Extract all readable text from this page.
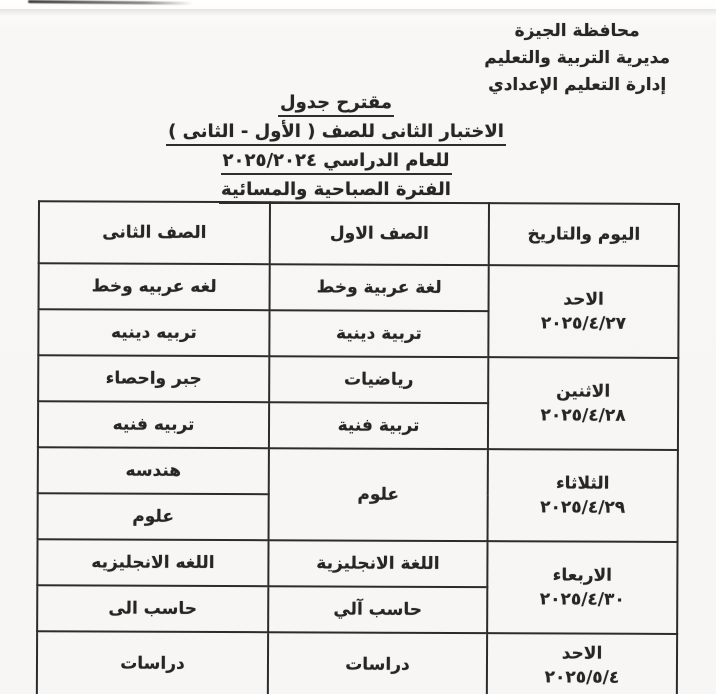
محافظة الجيزة
مديرية التربية والتعليم
إدارة التعليم الإعدادي
مقترح جدول
الاختبار الثانى للصف ( الأول - الثانى )
للعام الدراسي ٢٠٢٥/٢٠٢٤
الفترة الصباحية والمسائية
اليوم والتاريخ	الصف الاول	الصف الثانى

الاحد
٢٠٢٥/٤/٢٧	لغة عربية وخط	لغه عربيه وخط
	تربية دينية	تربيه دينيه

الاثنين
٢٠٢٥/٤/٢٨	رياضيات	جبر واحصاء
	تربية فنية	تربيه فنيه

الثلاثاء
٢٠٢٥/٤/٢٩	علوم	هندسه
		علوم

الاربعاء
٢٠٢٥/٤/٣٠	اللغة الانجليزية	اللغه الانجليزيه
	حاسب آلي	حاسب الى

الاحد
٢٠٢٥/٥/٤	دراسات	دراسات
